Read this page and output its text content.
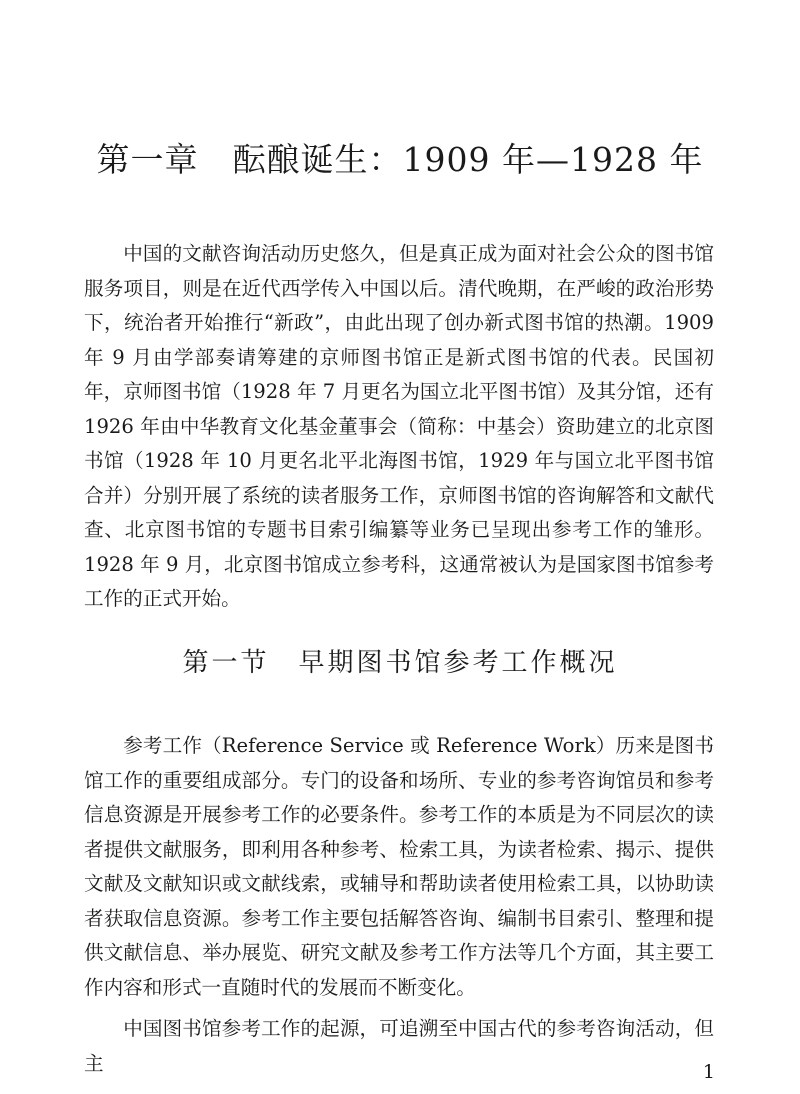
第一章　酝酿诞生：1909 年—1928 年

中国的文献咨询活动历史悠久，但是真正成为面对社会公众的图书馆服务项目，则是在近代西学传入中国以后。清代晚期，在严峻的政治形势下，统治者开始推行“新政”，由此出现了创办新式图书馆的热潮。1909 年 9 月由学部奏请筹建的京师图书馆正是新式图书馆的代表。民国初年，京师图书馆（1928 年 7 月更名为国立北平图书馆）及其分馆，还有 1926 年由中华教育文化基金董事会（简称：中基会）资助建立的北京图书馆（1928 年 10 月更名北平北海图书馆，1929 年与国立北平图书馆合并）分别开展了系统的读者服务工作，京师图书馆的咨询解答和文献代查、北京图书馆的专题书目索引编纂等业务已呈现出参考工作的雏形。1928 年 9 月，北京图书馆成立参考科，这通常被认为是国家图书馆参考工作的正式开始。

第一节　早期图书馆参考工作概况

参考工作（Reference Service 或 Reference Work）历来是图书馆工作的重要组成部分。专门的设备和场所、专业的参考咨询馆员和参考信息资源是开展参考工作的必要条件。参考工作的本质是为不同层次的读者提供文献服务，即利用各种参考、检索工具，为读者检索、揭示、提供文献及文献知识或文献线索，或辅导和帮助读者使用检索工具，以协助读者获取信息资源。参考工作主要包括解答咨询、编制书目索引、整理和提供文献信息、举办展览、研究文献及参考工作方法等几个方面，其主要工作内容和形式一直随时代的发展而不断变化。

中国图书馆参考工作的起源，可追溯至中国古代的参考咨询活动，但主	1
